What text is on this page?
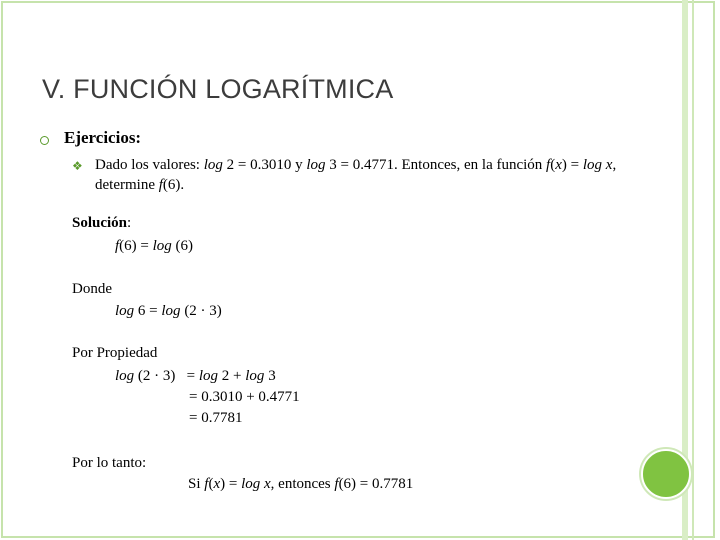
V. FUNCIÓN LOGARÍTMICA
Ejercicios:
❖ Dado los valores: log 2 = 0.3010 y log 3 = 0.4771. Entonces, en la función f(x) = log x, determine f(6).
Solución:
f(6) = log (6)
Donde
log 6 = log (2 · 3)
Por Propiedad
log (2 · 3)   = log 2 + log 3
= 0.3010 + 0.4771
= 0.7781
Por lo tanto:
Si f(x) = log x, entonces f(6) = 0.7781
